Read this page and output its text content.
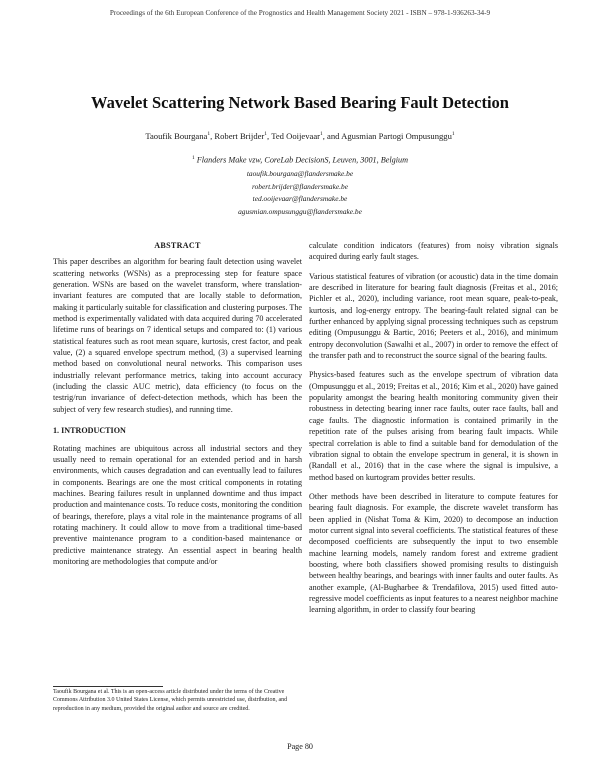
Proceedings of the 6th European Conference of the Prognostics and Health Management Society 2021 - ISBN – 978-1-936263-34-9
Wavelet Scattering Network Based Bearing Fault Detection
Taoufik Bourgana$^1$, Robert Brijder$^1$, Ted Ooijevaar$^1$, and Agusmian Partogi Ompusunggu$^1$
$^1$ Flanders Make vzw, CoreLab DecisionS, Leuven, 3001, Belgium
taoufik.bourgana@flandersmake.be
robert.brijder@flandersmake.be
ted.ooijevaar@flandersmake.be
agusmian.ompusunggu@flandersmake.be
ABSTRACT

This paper describes an algorithm for bearing fault detection using wavelet scattering networks (WSNs) as a preprocessing step for feature space generation. WSNs are based on the wavelet transform, where translation-invariant features are computed that are locally stable to deformation, making it particularly suitable for classification and clustering purposes. The method is experimentally validated with data acquired during 70 accelerated lifetime runs of bearings on 7 identical setups and compared to: (1) various statistical features such as root mean square, kurtosis, crest factor, and peak value, (2) a squared envelope spectrum method, (3) a supervised learning method based on convolutional neural networks. This comparison uses industrially relevant performance metrics, taking into account accuracy (including the classic AUC metric), data efficiency (to focus on the testrig/run invariance of defect-detection methods, which has been the subject of very few research studies), and running time.

1. INTRODUCTION

Rotating machines are ubiquitous across all industrial sectors and they usually need to remain operational for an extended period and in harsh environments, which causes degradation and can eventually lead to failures in components. Bearings are one the most critical components in rotating machines. Bearing failures result in unplanned downtime and thus impact production and maintenance costs. To reduce costs, monitoring the condition of bearings, therefore, plays a vital role in the maintenance programs of all rotating machinery. It could allow to move from a traditional time-based preventive maintenance program to a condition-based maintenance or predictive maintenance strategy. An essential aspect in bearing health monitoring are methodologies that compute and/or

calculate condition indicators (features) from noisy vibration signals acquired during early fault stages.

Various statistical features of vibration (or acoustic) data in the time domain are described in literature for bearing fault diagnosis (Freitas et al., 2016; Pichler et al., 2020), including variance, root mean square, peak-to-peak, kurtosis, and log-energy entropy. The bearing-fault related signal can be further enhanced by applying signal processing techniques such as cepstrum editing (Ompusunggu & Bartic, 2016; Peeters et al., 2016), and minimum entropy deconvolution (Sawalhi et al., 2007) in order to remove the effect of the transfer path and to reconstruct the source signal of the bearing faults.

Physics-based features such as the envelope spectrum of vibration data (Ompusunggu et al., 2019; Freitas et al., 2016; Kim et al., 2020) have gained popularity amongst the bearing health monitoring community given their robustness in detecting bearing inner race faults, outer race faults, ball and cage faults. The diagnostic information is contained primarily in the repetition rate of the pulses arising from bearing fault impacts. While spectral correlation is able to find a suitable band for demodulation of the vibration signal to obtain the envelope spectrum in general, it is shown in (Randall et al., 2016) that in the case where the signal is impulsive, a method based on kurtogram provides better results.

Other methods have been described in literature to compute features for bearing fault diagnosis. For example, the discrete wavelet transform has been applied in (Nishat Toma & Kim, 2020) to decompose an induction motor current signal into several coefficients. The statistical features of these decomposed coefficients are subsequently the input to two ensemble machine learning models, namely random forest and extreme gradient boosting, where both classifiers showed promising results to distinguish between healthy bearings, and bearings with inner faults and outer faults. As another example, (Al-Bugharbee & Trendafilova, 2015) used fitted auto-regressive model coefficients as input features to a nearest neighbor machine learning algorithm, in order to classify four bearing

Taoufik Bourgana et al. This is an open-access article distributed under the terms of the Creative Commons Attribution 3.0 United States License, which permits unrestricted use, distribution, and reproduction in any medium, provided the original author and source are credited.
Page 80
